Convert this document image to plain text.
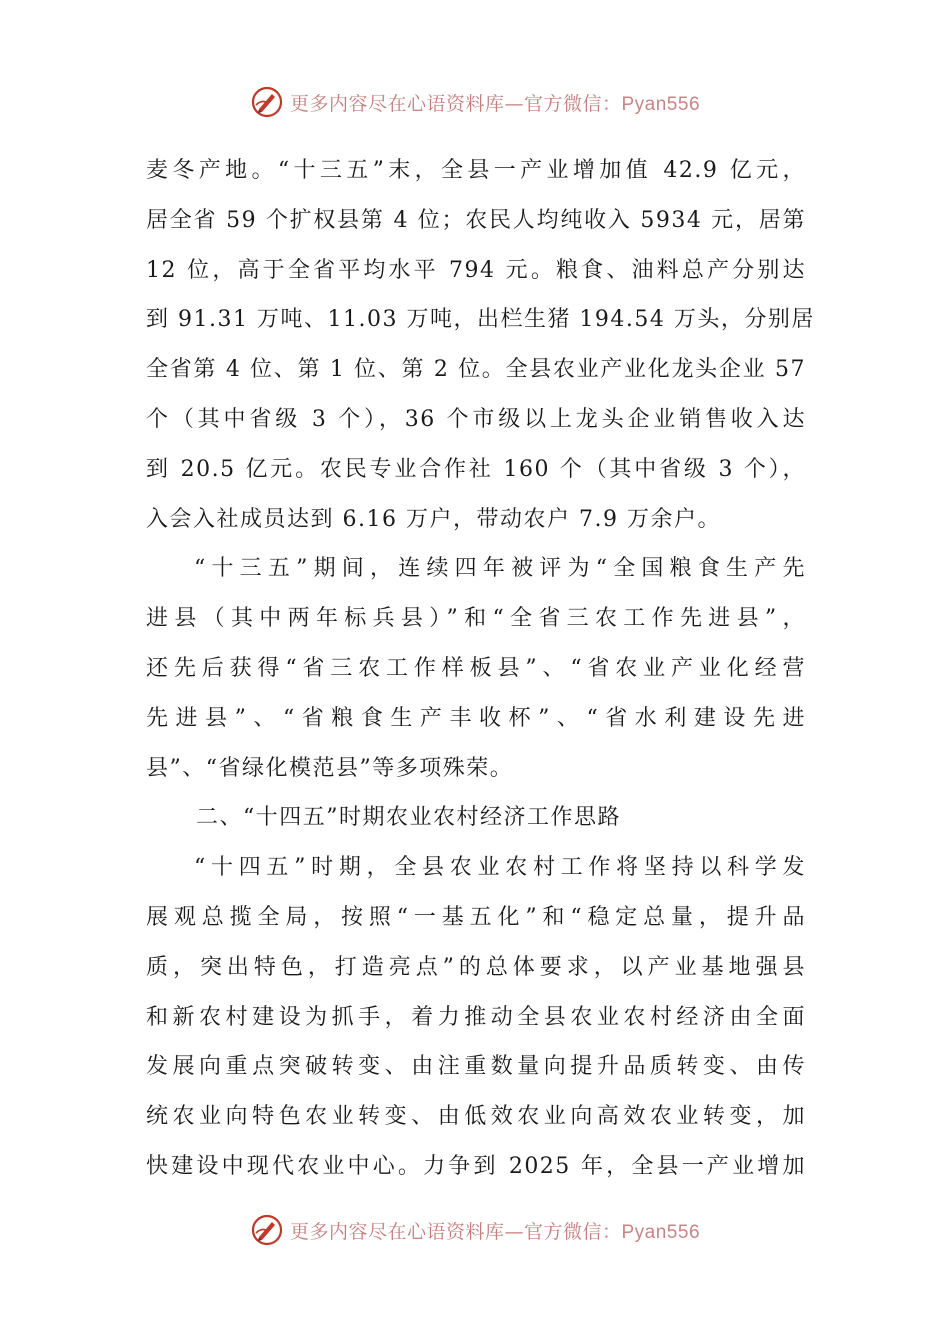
更多内容尽在心语资料库—官方微信：Pyan556
麦冬产地。“十三五”末，全县一产业增加值 42.9 亿元，
居全省 59 个扩权县第 4 位；农民人均纯收入 5934 元，居第
12 位，高于全省平均水平 794 元。粮食、油料总产分别达
到 91.31 万吨、11.03 万吨，出栏生猪 194.54 万头，分别居
全省第 4 位、第 1 位、第 2 位。全县农业产业化龙头企业 57
个（其中省级 3 个），36 个市级以上龙头企业销售收入达
到 20.5 亿元。农民专业合作社 160 个（其中省级 3 个），
入会入社成员达到 6.16 万户，带动农户 7.9 万余户。
“十三五”期间，连续四年被评为“全国粮食生产先
进县（其中两年标兵县）”和“全省三农工作先进县”，
还先后获得“省三农工作样板县”、“省农业产业化经营
先进县”、“省粮食生产丰收杯”、“省水利建设先进
县”、“省绿化模范县”等多项殊荣。
二、“十四五”时期农业农村经济工作思路
“十四五”时期，全县农业农村工作将坚持以科学发
展观总揽全局，按照“一基五化”和“稳定总量，提升品
质，突出特色，打造亮点”的总体要求，以产业基地强县
和新农村建设为抓手，着力推动全县农业农村经济由全面
发展向重点突破转变、由注重数量向提升品质转变、由传
统农业向特色农业转变、由低效农业向高效农业转变，加
快建设中现代农业中心。力争到 2025 年，全县一产业增加
更多内容尽在心语资料库—官方微信：Pyan556
